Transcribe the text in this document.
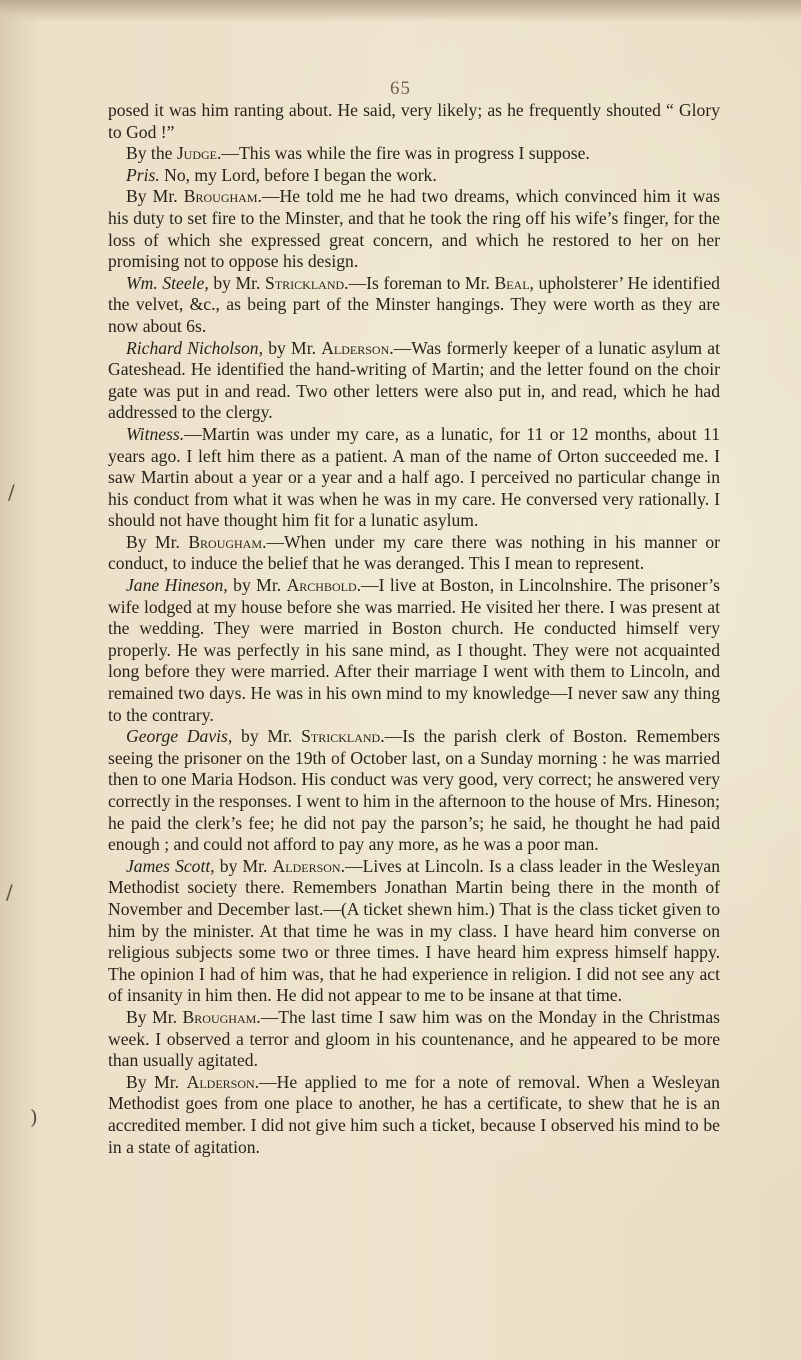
65
/
/
)

posed it was him ranting about. He said, very likely; as he frequently shouted “ Glory to God !”

By the Judge.—This was while the fire was in progress I suppose.

Pris. No, my Lord, before I began the work.

By Mr. Brougham.—He told me he had two dreams, which convinced him it was his duty to set fire to the Minster, and that he took the ring off his wife’s finger, for the loss of which she expressed great concern, and which he restored to her on her promising not to oppose his design.

Wm. Steele, by Mr. Strickland.—Is foreman to Mr. Beal, upholsterer’ He identified the velvet, &c., as being part of the Minster hangings. They were worth as they are now about 6s.

Richard Nicholson, by Mr. Alderson.—Was formerly keeper of a lunatic asylum at Gateshead. He identified the hand-writing of Martin; and the letter found on the choir gate was put in and read. Two other letters were also put in, and read, which he had addressed to the clergy.

Witness.—Martin was under my care, as a lunatic, for 11 or 12 months, about 11 years ago. I left him there as a patient. A man of the name of Orton succeeded me. I saw Martin about a year or a year and a half ago. I perceived no particular change in his conduct from what it was when he was in my care. He conversed very rationally. I should not have thought him fit for a lunatic asylum.

By Mr. Brougham.—When under my care there was nothing in his manner or conduct, to induce the belief that he was deranged. This I mean to represent.

Jane Hineson, by Mr. Archbold.—I live at Boston, in Lincolnshire. The prisoner’s wife lodged at my house before she was married. He visited her there. I was present at the wedding. They were married in Boston church. He conducted himself very properly. He was perfectly in his sane mind, as I thought. They were not acquainted long before they were married. After their marriage I went with them to Lincoln, and remained two days. He was in his own mind to my knowledge—I never saw any thing to the contrary.

George Davis, by Mr. Strickland.—Is the parish clerk of Boston. Remembers seeing the prisoner on the 19th of October last, on a Sunday morning : he was married then to one Maria Hodson. His conduct was very good, very correct; he answered very correctly in the responses. I went to him in the afternoon to the house of Mrs. Hineson; he paid the clerk’s fee; he did not pay the parson’s; he said, he thought he had paid enough ; and could not afford to pay any more, as he was a poor man.

James Scott, by Mr. Alderson.—Lives at Lincoln. Is a class leader in the Wesleyan Methodist society there. Remembers Jonathan Martin being there in the month of November and December last.—(A ticket shewn him.) That is the class ticket given to him by the minister. At that time he was in my class. I have heard him converse on religious subjects some two or three times. I have heard him express himself happy. The opinion I had of him was, that he had experience in religion. I did not see any act of insanity in him then. He did not appear to me to be insane at that time.

By Mr. Brougham.—The last time I saw him was on the Monday in the Christmas week. I observed a terror and gloom in his countenance, and he appeared to be more than usually agitated.

By Mr. Alderson.—He applied to me for a note of removal. When a Wesleyan Methodist goes from one place to another, he has a certificate, to shew that he is an accredited member. I did not give him such a ticket, because I observed his mind to be in a state of agitation.
